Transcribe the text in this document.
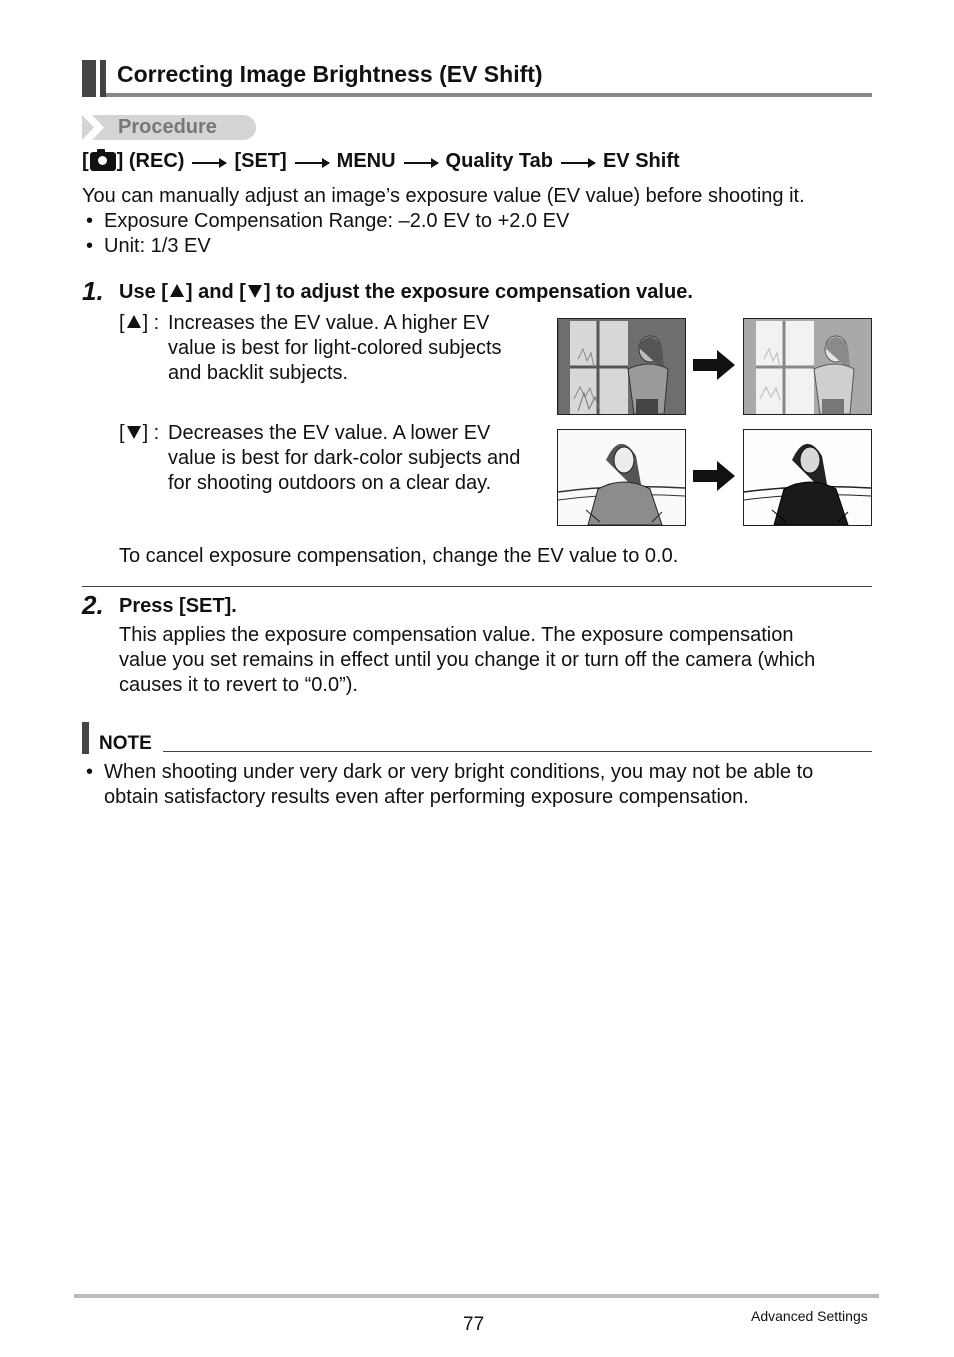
Correcting Image Brightness (EV Shift)
Procedure
[ ] (REC)	[SET]	MENU	Quality Tab	EV Shift
You can manually adjust an image’s exposure value (EV value) before shooting it.
• Exposure Compensation Range: –2.0 EV to +2.0 EV
• Unit: 1/3 EV
1. Use [ ] and [ ] to adjust the exposure compensation value.
[ ] : Increases the EV value. A higher EV
value is best for light-colored subjects
and backlit subjects.
[ ] : Decreases the EV value. A lower EV
value is best for dark-color subjects and
for shooting outdoors on a clear day.
To cancel exposure compensation, change the EV value to 0.0.
2. Press [SET].
This applies the exposure compensation value. The exposure compensation
value you set remains in effect until you change it or turn off the camera (which
causes it to revert to “0.0”).
NOTE
• When shooting under very dark or very bright conditions, you may not be able to
obtain satisfactory results even after performing exposure compensation.
77	Advanced Settings
